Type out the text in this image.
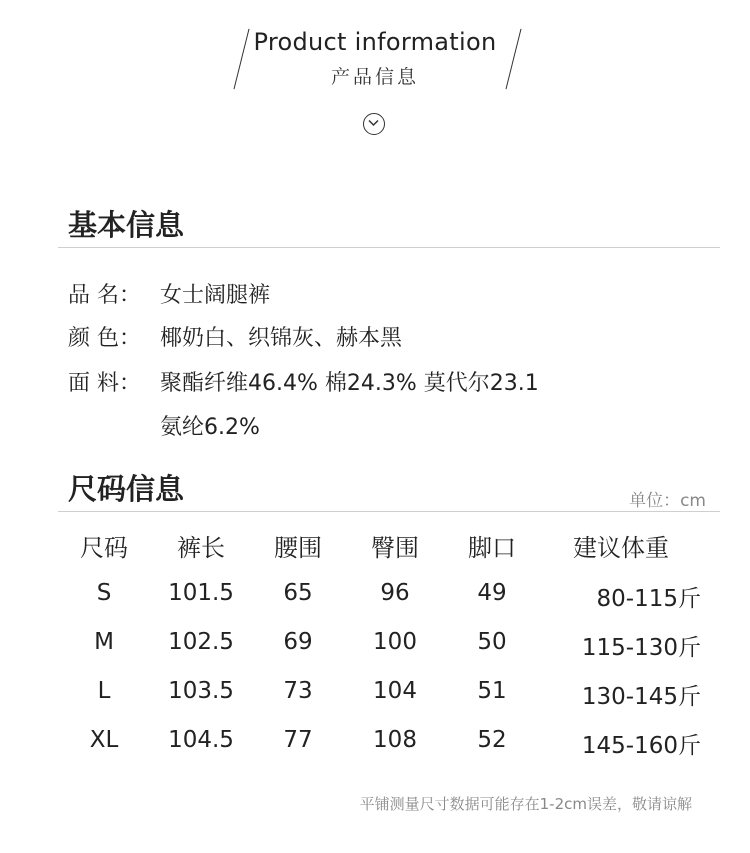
Product information
产品信息
基本信息
品 名： 女士阔腿裤
颜 色： 椰奶白、织锦灰、赫本黑
面 料： 聚酯纤维46.4% 棉24.3% 莫代尔23.1
氨纶6.2%
尺码信息	单位：cm
尺码	裤长	腰围	臀围	脚口	建议体重
S	101.5	65	96	49	80-115斤
M	102.5	69	100	50	115-130斤
L	103.5	73	104	51	130-145斤
XL	104.5	77	108	52	145-160斤
平铺测量尺寸数据可能存在1-2cm误差，敬请谅解
